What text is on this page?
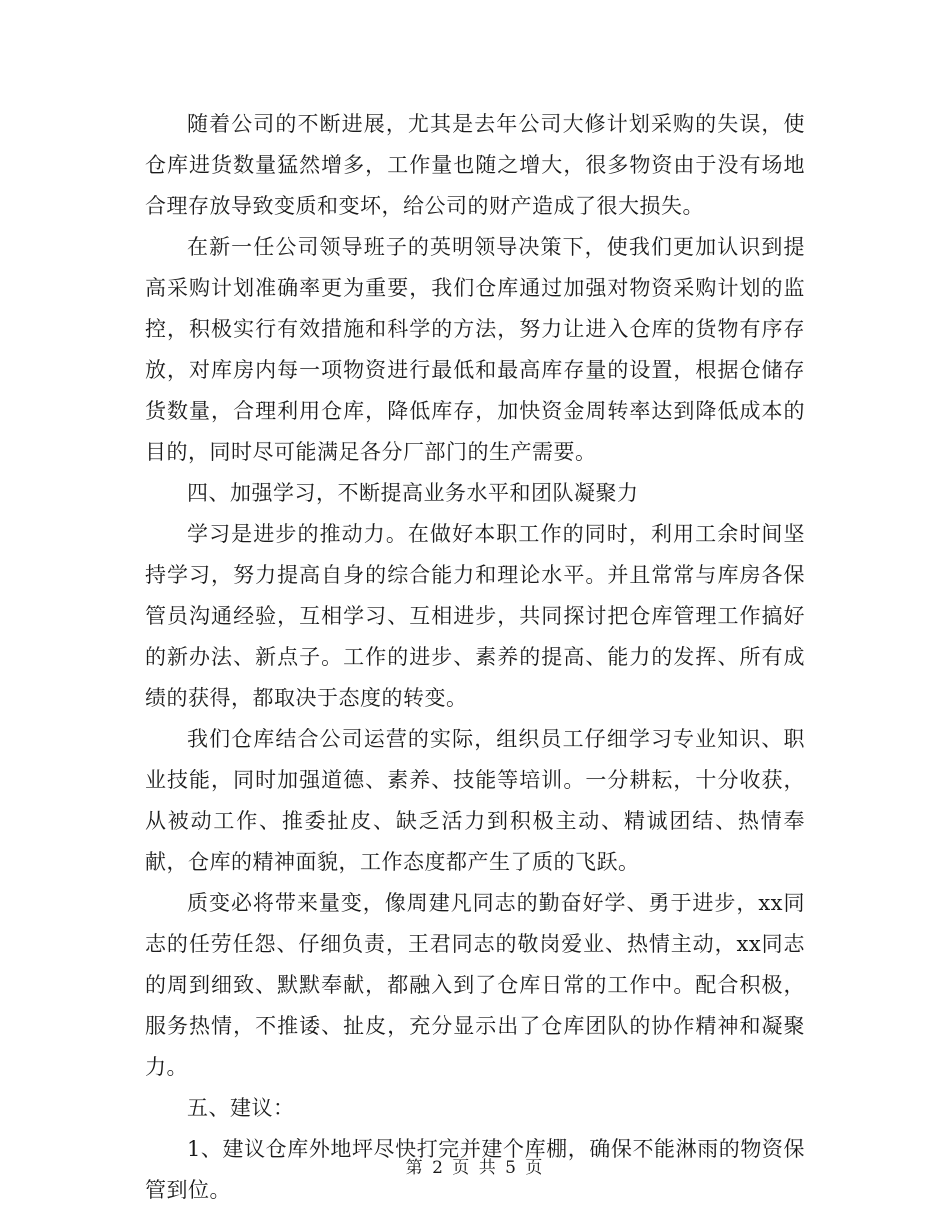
随着公司的不断进展，尤其是去年公司大修计划采购的失误，使仓库进货数量猛然增多，工作量也随之增大，很多物资由于没有场地合理存放导致变质和变坏，给公司的财产造成了很大损失。

在新一任公司领导班子的英明领导决策下，使我们更加认识到提高采购计划准确率更为重要，我们仓库通过加强对物资采购计划的监控，积极实行有效措施和科学的方法，努力让进入仓库的货物有序存放，对库房内每一项物资进行最低和最高库存量的设置，根据仓储存货数量，合理利用仓库，降低库存，加快资金周转率达到降低成本的目的，同时尽可能满足各分厂部门的生产需要。

四、加强学习，不断提高业务水平和团队凝聚力

学习是进步的推动力。在做好本职工作的同时，利用工余时间坚持学习，努力提高自身的综合能力和理论水平。并且常常与库房各保管员沟通经验，互相学习、互相进步，共同探讨把仓库管理工作搞好的新办法、新点子。工作的进步、素养的提高、能力的发挥、所有成绩的获得，都取决于态度的转变。

我们仓库结合公司运营的实际，组织员工仔细学习专业知识、职业技能，同时加强道德、素养、技能等培训。一分耕耘，十分收获，从被动工作、推委扯皮、缺乏活力到积极主动、精诚团结、热情奉献，仓库的精神面貌，工作态度都产生了质的飞跃。

质变必将带来量变，像周建凡同志的勤奋好学、勇于进步，xx同志的任劳任怨、仔细负责，王君同志的敬岗爱业、热情主动，xx同志的周到细致、默默奉献，都融入到了仓库日常的工作中。配合积极，服务热情，不推诿、扯皮，充分显示出了仓库团队的协作精神和凝聚力。

五、建议：

1、建议仓库外地坪尽快打完并建个库棚，确保不能淋雨的物资保管到位。

第 2 页 共 5 页
